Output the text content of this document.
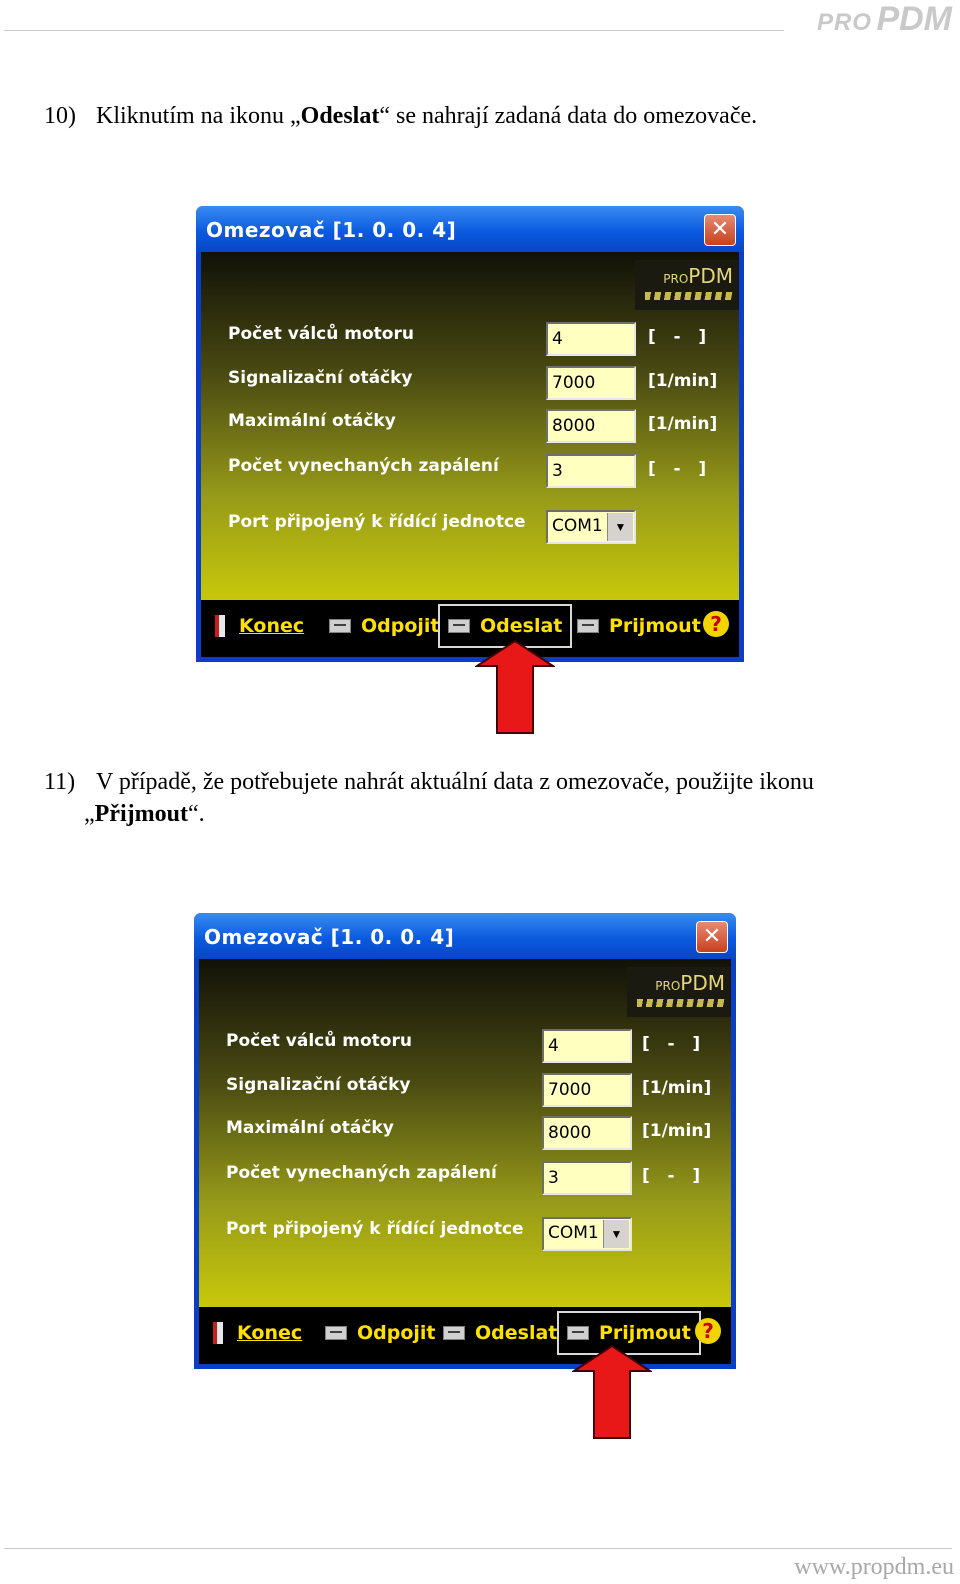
PRO PDM
10) Kliknutím na ikonu „Odeslat“ se nahrají zadaná data do omezovače.
Omezovač [1. 0. 0. 4]	✕
PROPDM
Počet válců motoru	4	[   -   ]
Signalizační otáčky	7000	[1/min]
Maximální otáčky	8000	[1/min]
Počet vynechaných zapálení	3	[   -   ]
Port připojený k řídící jednotce COM1 ▼
Konec	Odpojit Odeslat Prijmout ?
11) V případě, že potřebujete nahrát aktuální data z omezovače, použijte ikonu
„Přijmout“.
Omezovač [1. 0. 0. 4]	✕
PROPDM
Počet válců motoru	4	[   -   ]
Signalizační otáčky	7000	[1/min]
Maximální otáčky	8000	[1/min]
Počet vynechaných zapálení	3	[   -   ]
Port připojený k řídící jednotce COM1 ▼
Konec	Odpojit Odeslat Prijmout ?
www.propdm.eu
